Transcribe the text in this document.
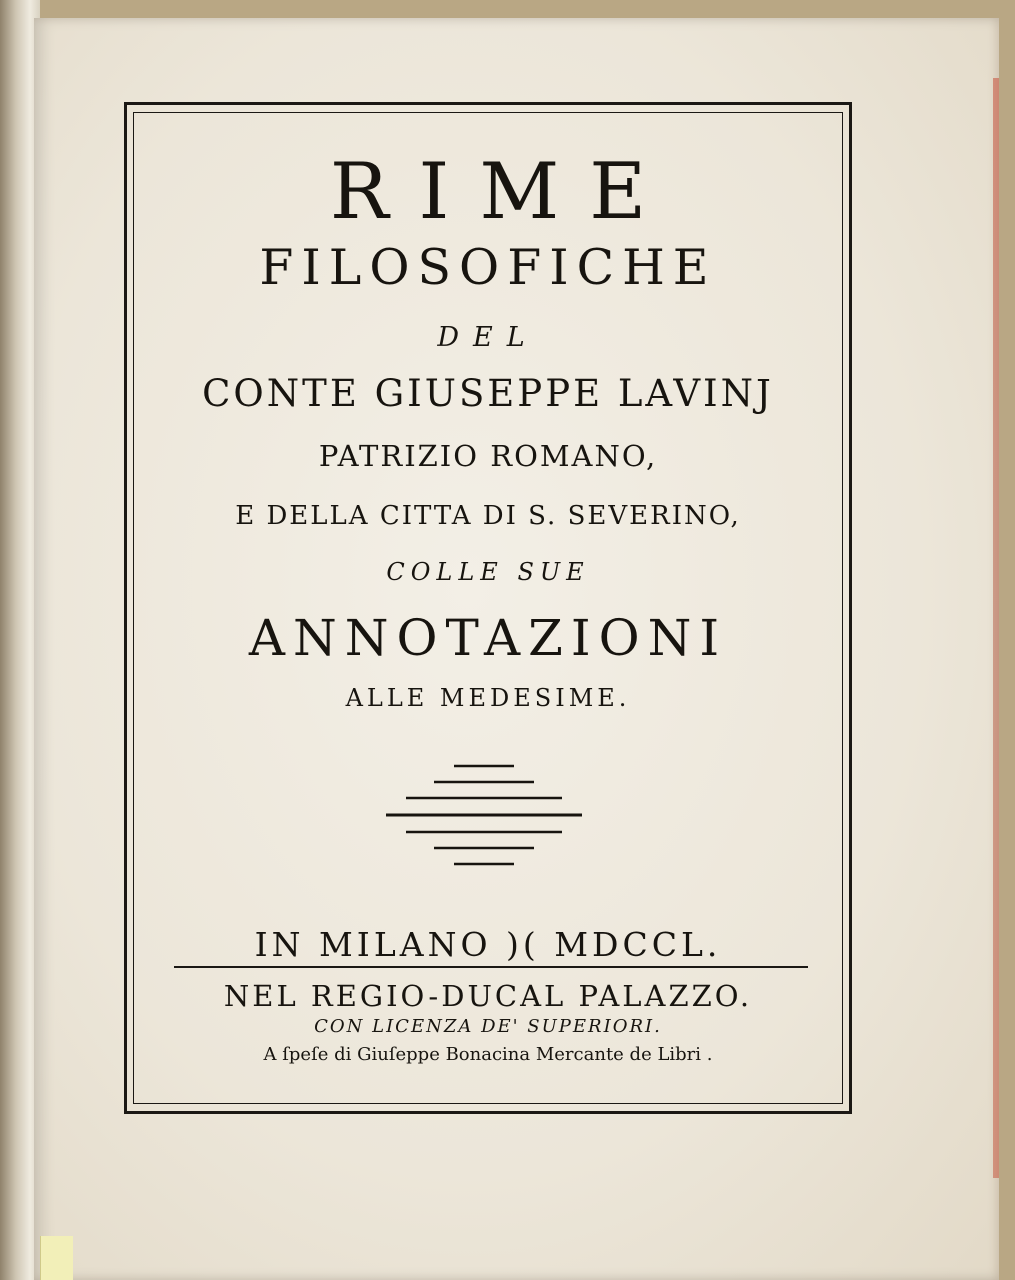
RIME
FILOSOFICHE
DEL
CONTE GIUSEPPE LAVINJ
PATRIZIO ROMANO,
E DELLA CITTA DI S. SEVERINO,
COLLE SUE
ANNOTAZIONI
ALLE MEDESIME.
IN MILANO )( MDCCL.
NEL REGIO-DUCAL PALAZZO.
CON LICENZA DE' SUPERIORI.
A ſpeſe di Giuſeppe Bonacina Mercante de Libri .
